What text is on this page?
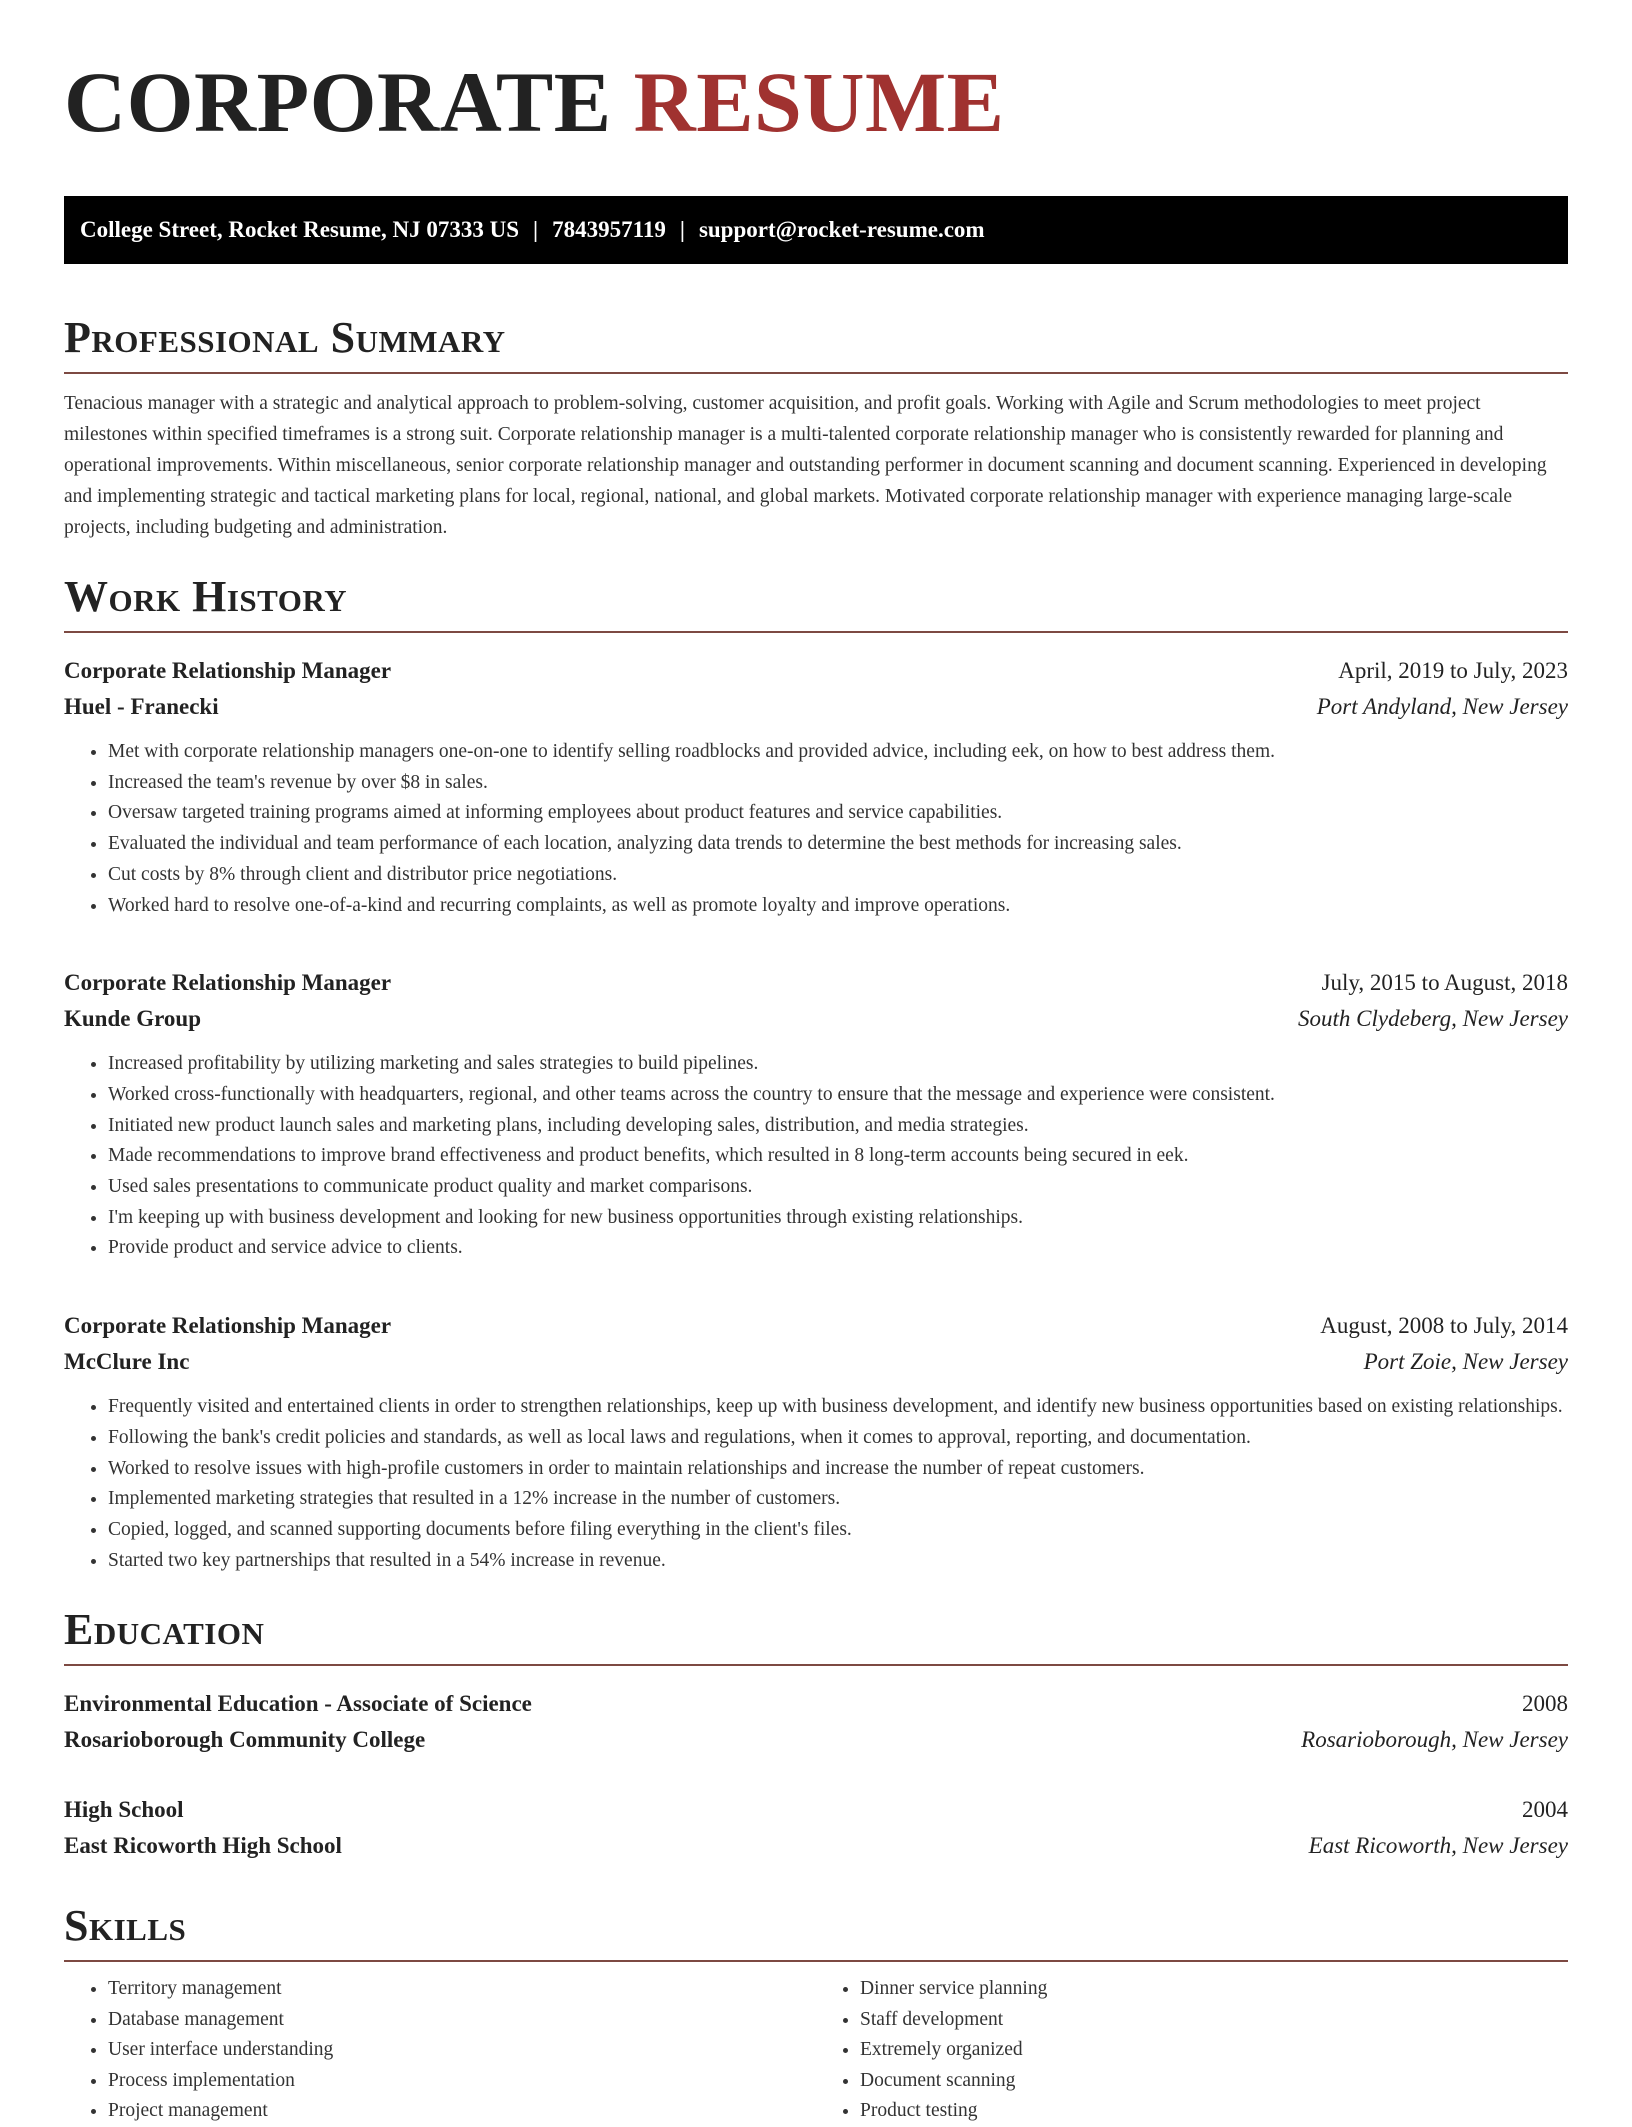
CORPORATE RESUME
College Street, Rocket Resume, NJ 07333 US | 7843957119 | support@rocket-resume.com
Professional Summary

Tenacious manager with a strategic and analytical approach to problem-solving, customer acquisition, and profit goals. Working with Agile and Scrum methodologies to meet project milestones within specified timeframes is a strong suit. Corporate relationship manager is a multi-talented corporate relationship manager who is consistently rewarded for planning and operational improvements. Within miscellaneous, senior corporate relationship manager and outstanding performer in document scanning and document scanning. Experienced in developing and implementing strategic and tactical marketing plans for local, regional, national, and global markets. Motivated corporate relationship manager with experience managing large-scale projects, including budgeting and administration.

Work History
Corporate Relationship Manager	April, 2019 to July, 2023
Huel - Franecki	Port Andyland, New Jersey
• Met with corporate relationship managers one-on-one to identify selling roadblocks and provided advice, including eek, on how to best address them.
• Increased the team's revenue by over $8 in sales.
• Oversaw targeted training programs aimed at informing employees about product features and service capabilities.
• Evaluated the individual and team performance of each location, analyzing data trends to determine the best methods for increasing sales.
• Cut costs by 8% through client and distributor price negotiations.
• Worked hard to resolve one-of-a-kind and recurring complaints, as well as promote loyalty and improve operations.
Corporate Relationship Manager	July, 2015 to August, 2018
Kunde Group	South Clydeberg, New Jersey
• Increased profitability by utilizing marketing and sales strategies to build pipelines.
• Worked cross-functionally with headquarters, regional, and other teams across the country to ensure that the message and experience were consistent.
• Initiated new product launch sales and marketing plans, including developing sales, distribution, and media strategies.
• Made recommendations to improve brand effectiveness and product benefits, which resulted in 8 long-term accounts being secured in eek.
• Used sales presentations to communicate product quality and market comparisons.
• I'm keeping up with business development and looking for new business opportunities through existing relationships.
• Provide product and service advice to clients.
Corporate Relationship Manager	August, 2008 to July, 2014
McClure Inc	Port Zoie, New Jersey
• Frequently visited and entertained clients in order to strengthen relationships, keep up with business development, and identify new business opportunities based on existing relationships.
• Following the bank's credit policies and standards, as well as local laws and regulations, when it comes to approval, reporting, and documentation.
• Worked to resolve issues with high-profile customers in order to maintain relationships and increase the number of repeat customers.
• Implemented marketing strategies that resulted in a 12% increase in the number of customers.
• Copied, logged, and scanned supporting documents before filing everything in the client's files.
• Started two key partnerships that resulted in a 54% increase in revenue.
Education
Environmental Education - Associate of Science	2008
Rosarioborough Community College	Rosarioborough, New Jersey
High School	2004
East Ricoworth High School	East Ricoworth, New Jersey
Skills
• Territory management
• Database management
• User interface understanding
• Process implementation
• Project management
• Dinner service planning
• Staff development
• Extremely organized
• Document scanning
• Product testing
